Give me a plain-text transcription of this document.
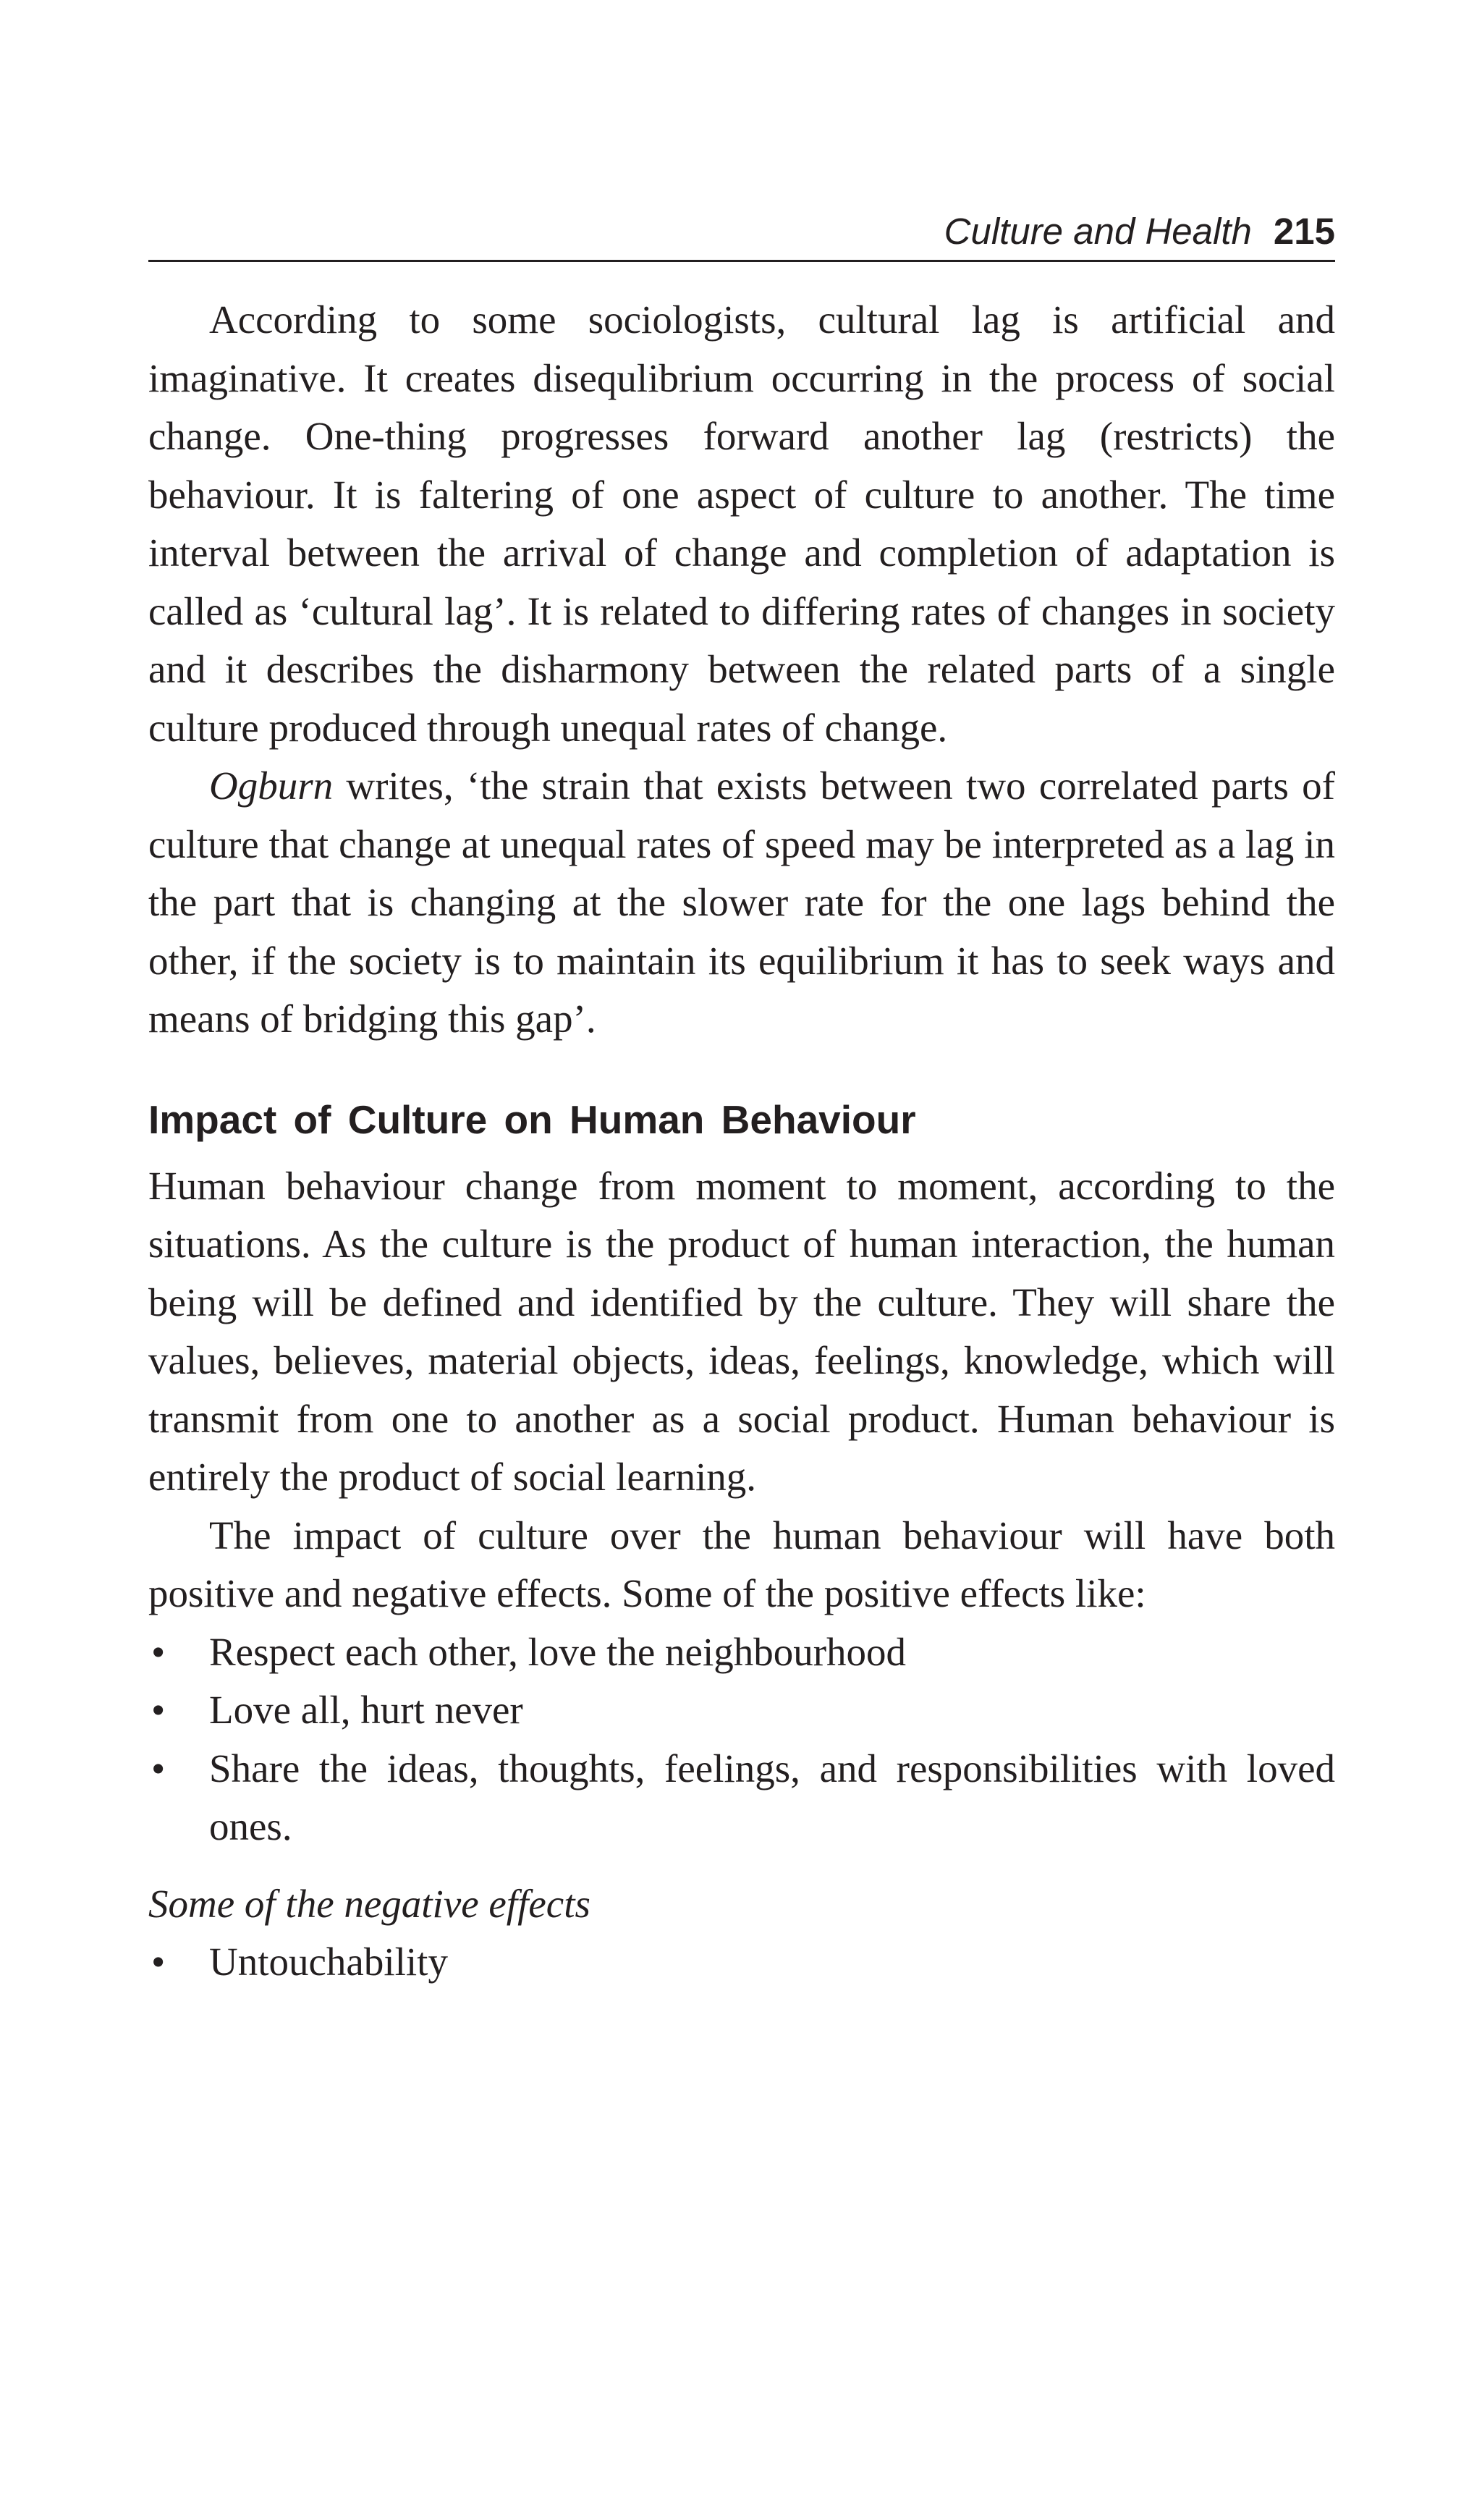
Culture and Health 215

According to some sociologists, cultural lag is artificial and imaginative. It creates disequlibrium occurring in the process of social change. One-thing progresses forward another lag (restricts) the behaviour. It is faltering of one aspect of culture to another. The time interval between the arrival of change and completion of adaptation is called as ‘cultural lag’. It is related to differing rates of changes in society and it describes the disharmony between the related parts of a single culture produced through unequal rates of change.

Ogburn writes, ‘the strain that exists between two correlated parts of culture that change at unequal rates of speed may be interpreted as a lag in the part that is changing at the slower rate for the one lags behind the other, if the society is to maintain its equilibrium it has to seek ways and means of bridging this gap’.

Impact of Culture on Human Behaviour

Human behaviour change from moment to moment, according to the situations. As the culture is the product of human interaction, the human being will be defined and identified by the culture. They will share the values, believes, material objects, ideas, feelings, knowledge, which will transmit from one to another as a social product. Human behaviour is entirely the product of social learning.

The impact of culture over the human behaviour will have both positive and negative effects. Some of the positive effects like:

• Respect each other, love the neighbourhood
• Love all, hurt never
• Share the ideas, thoughts, feelings, and responsibilities with loved ones.
Some of the negative effects
• Untouchability
